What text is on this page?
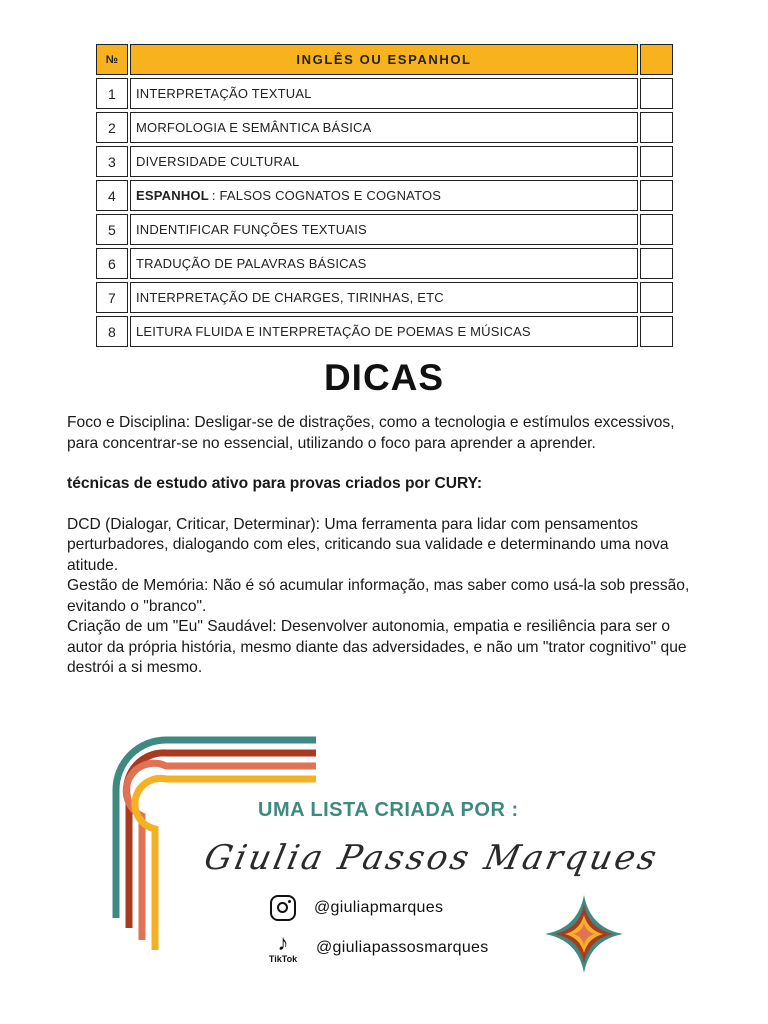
№	INGLÊS OU ESPANHOL
1	INTERPRETAÇÃO TEXTUAL
2	MORFOLOGIA E SEMÂNTICA BÁSICA
3	DIVERSIDADE CULTURAL
4	ESPANHOL : FALSOS COGNATOS E COGNATOS
5	INDENTIFICAR FUNÇÕES TEXTUAIS
6	TRADUÇÃO DE PALAVRAS BÁSICAS
7	INTERPRETAÇÃO DE CHARGES, TIRINHAS, ETC
8	LEITURA FLUIDA E INTERPRETAÇÃO DE POEMAS E MÚSICAS
DICAS

Foco e Disciplina: Desligar-se de distrações, como a tecnologia e estímulos excessivos, para concentrar-se no essencial, utilizando o foco para aprender a aprender.

técnicas de estudo ativo para provas criados por CURY:

DCD (Dialogar, Criticar, Determinar): Uma ferramenta para lidar com pensamentos perturbadores, dialogando com eles, criticando sua validade e determinando uma nova atitude.

Gestão de Memória: Não é só acumular informação, mas saber como usá-la sob pressão, evitando o "branco".

Criação de um "Eu" Saudável: Desenvolver autonomia, empatia e resiliência para ser o autor da própria história, mesmo diante das adversidades, e não um "trator cognitivo" que destrói a si mesmo.

UMA LISTA CRIADA POR :
Giulia Passos Marques
@giuliapmarques
♪
TikTok
@giuliapassosmarques
